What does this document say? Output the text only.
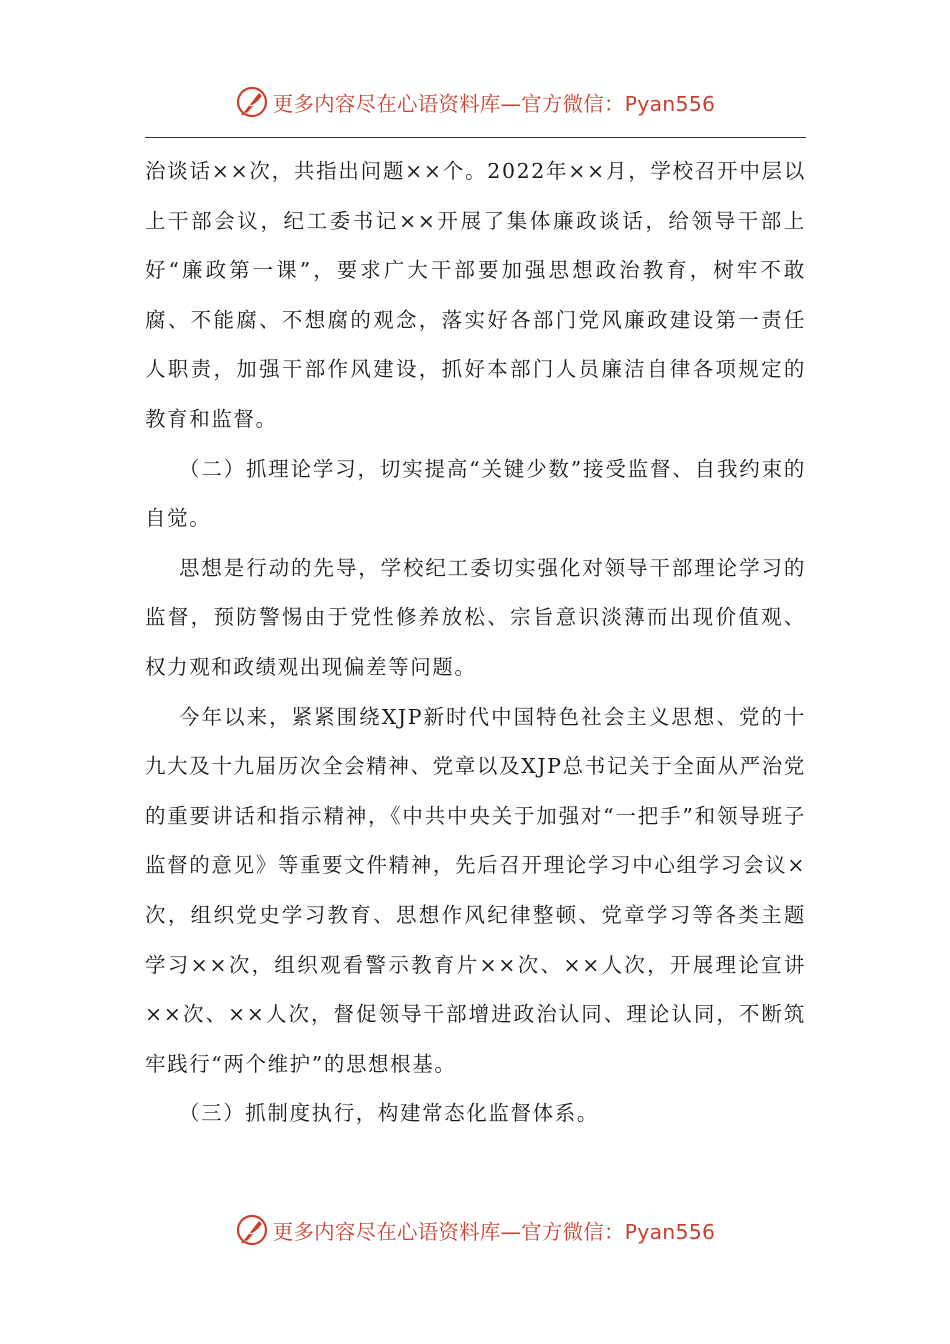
更多内容尽在心语资料库—官方微信：Pyan556

治谈话××次，共指出问题××个。2022年××月，学校召开中层以上干部会议，纪工委书记××开展了集体廉政谈话，给领导干部上好“廉政第一课”，要求广大干部要加强思想政治教育，树牢不敢腐、不能腐、不想腐的观念，落实好各部门党风廉政建设第一责任人职责，加强干部作风建设，抓好本部门人员廉洁自律各项规定的教育和监督。

（二）抓理论学习，切实提高“关键少数”接受监督、自我约束的自觉。

思想是行动的先导，学校纪工委切实强化对领导干部理论学习的监督，预防警惕由于党性修养放松、宗旨意识淡薄而出现价值观、权力观和政绩观出现偏差等问题。

今年以来，紧紧围绕XJP新时代中国特色社会主义思想、党的十九大及十九届历次全会精神、党章以及XJP总书记关于全面从严治党的重要讲话和指示精神，《中共中央关于加强对“一把手”和领导班子监督的意见》等重要文件精神，先后召开理论学习中心组学习会议×次，组织党史学习教育、思想作风纪律整顿、党章学习等各类主题学习××次，组织观看警示教育片××次、××人次，开展理论宣讲××次、××人次，督促领导干部增进政治认同、理论认同，不断筑牢践行“两个维护”的思想根基。

（三）抓制度执行，构建常态化监督体系。

更多内容尽在心语资料库—官方微信：Pyan556
